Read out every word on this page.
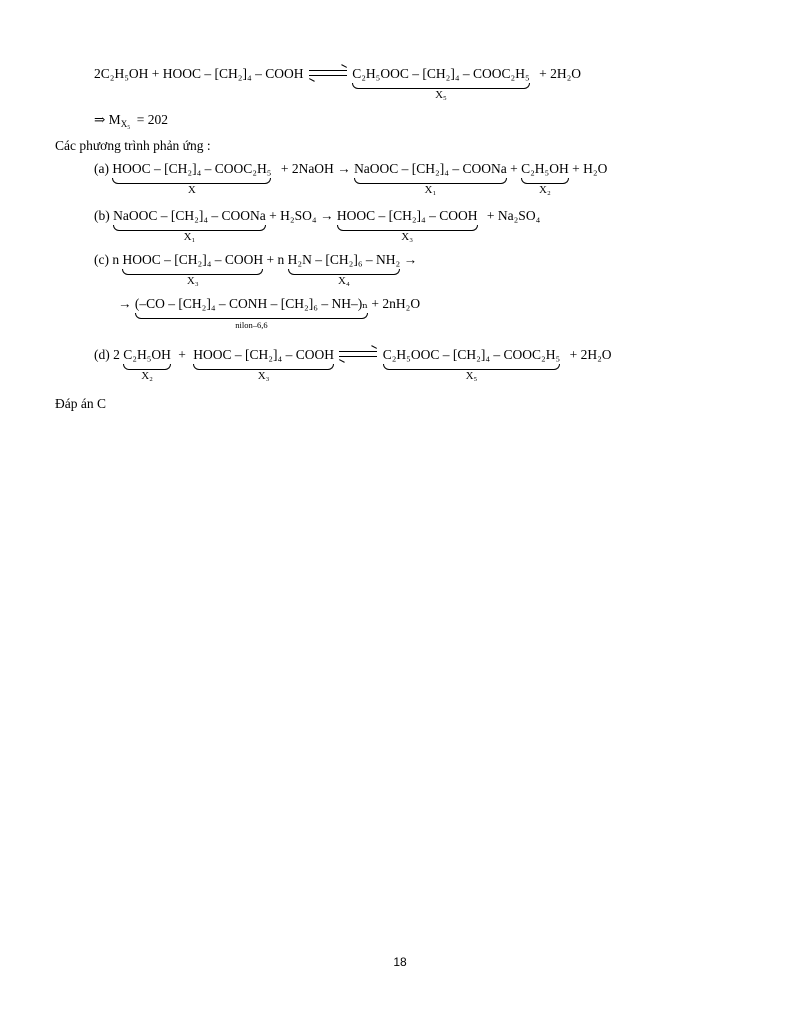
2C₂H₅OH + HOOC – [CH₂]₄ – COOH → C₂H₅OOC – [CH₂]₄ – COOC₂H₅
X₅
+ 2H₂O
⇒ $M_{X_5} = 202$
Các phương trình phản ứng :
(a) HOOC – [CH₂]₄ – COOC₂H₅
X
+ 2NaOH → NaOOC – [CH₂]₄ – COONa
X₁
+ C₂H₅OH
X₂
+ H₂O
(b) NaOOC – [CH₂]₄ – COONa
X₁
+ H₂SO₄ → HOOC – [CH₂]₄ – COOH
X₃
+ Na₂SO₄
(c) n HOOC – [CH₂]₄ – COOH
X₃
+ n H₂N – [CH₂]₆ – NH₂
X₄
→
→ (–CO – [CH₂]₄ – CONH – [CH₂]₆ – NH–)ₙ
nilon–6,6
+ 2nH₂O
(d) 2 C₂H₅OH
X₂
+ HOOC – [CH₂]₄ – COOH
X₃

→ C₂H₅OOC – [CH₂]₄ – COOC₂H₅
X₅
+ 2H₂O
Đáp án C
18
